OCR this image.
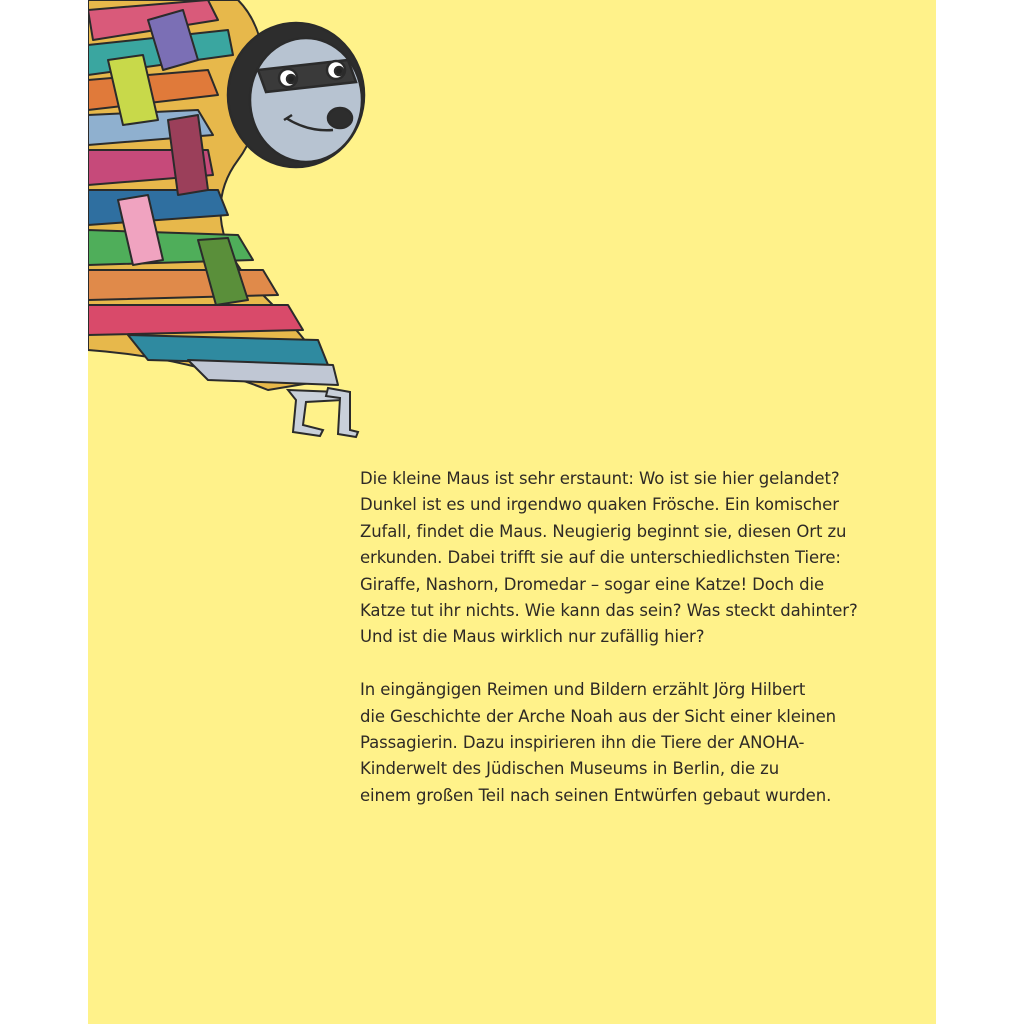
Die kleine Maus ist sehr erstaunt: Wo ist sie hier gelandet?
Dunkel ist es und irgendwo quaken Frösche. Ein komischer
Zufall, findet die Maus. Neugierig beginnt sie, diesen Ort zu
erkunden. Dabei trifft sie auf die unterschiedlichsten Tiere:
Giraffe, Nashorn, Dromedar – sogar eine Katze! Doch die
Katze tut ihr nichts. Wie kann das sein? Was steckt dahinter?
Und ist die Maus wirklich nur zufällig hier?

In eingängigen Reimen und Bildern erzählt Jörg Hilbert
die Geschichte der Arche Noah aus der Sicht einer kleinen
Passagierin. Dazu inspirieren ihn die Tiere der ANOHA-
Kinderwelt des Jüdischen Museums in Berlin, die zu
einem großen Teil nach seinen Entwürfen gebaut wurden.
